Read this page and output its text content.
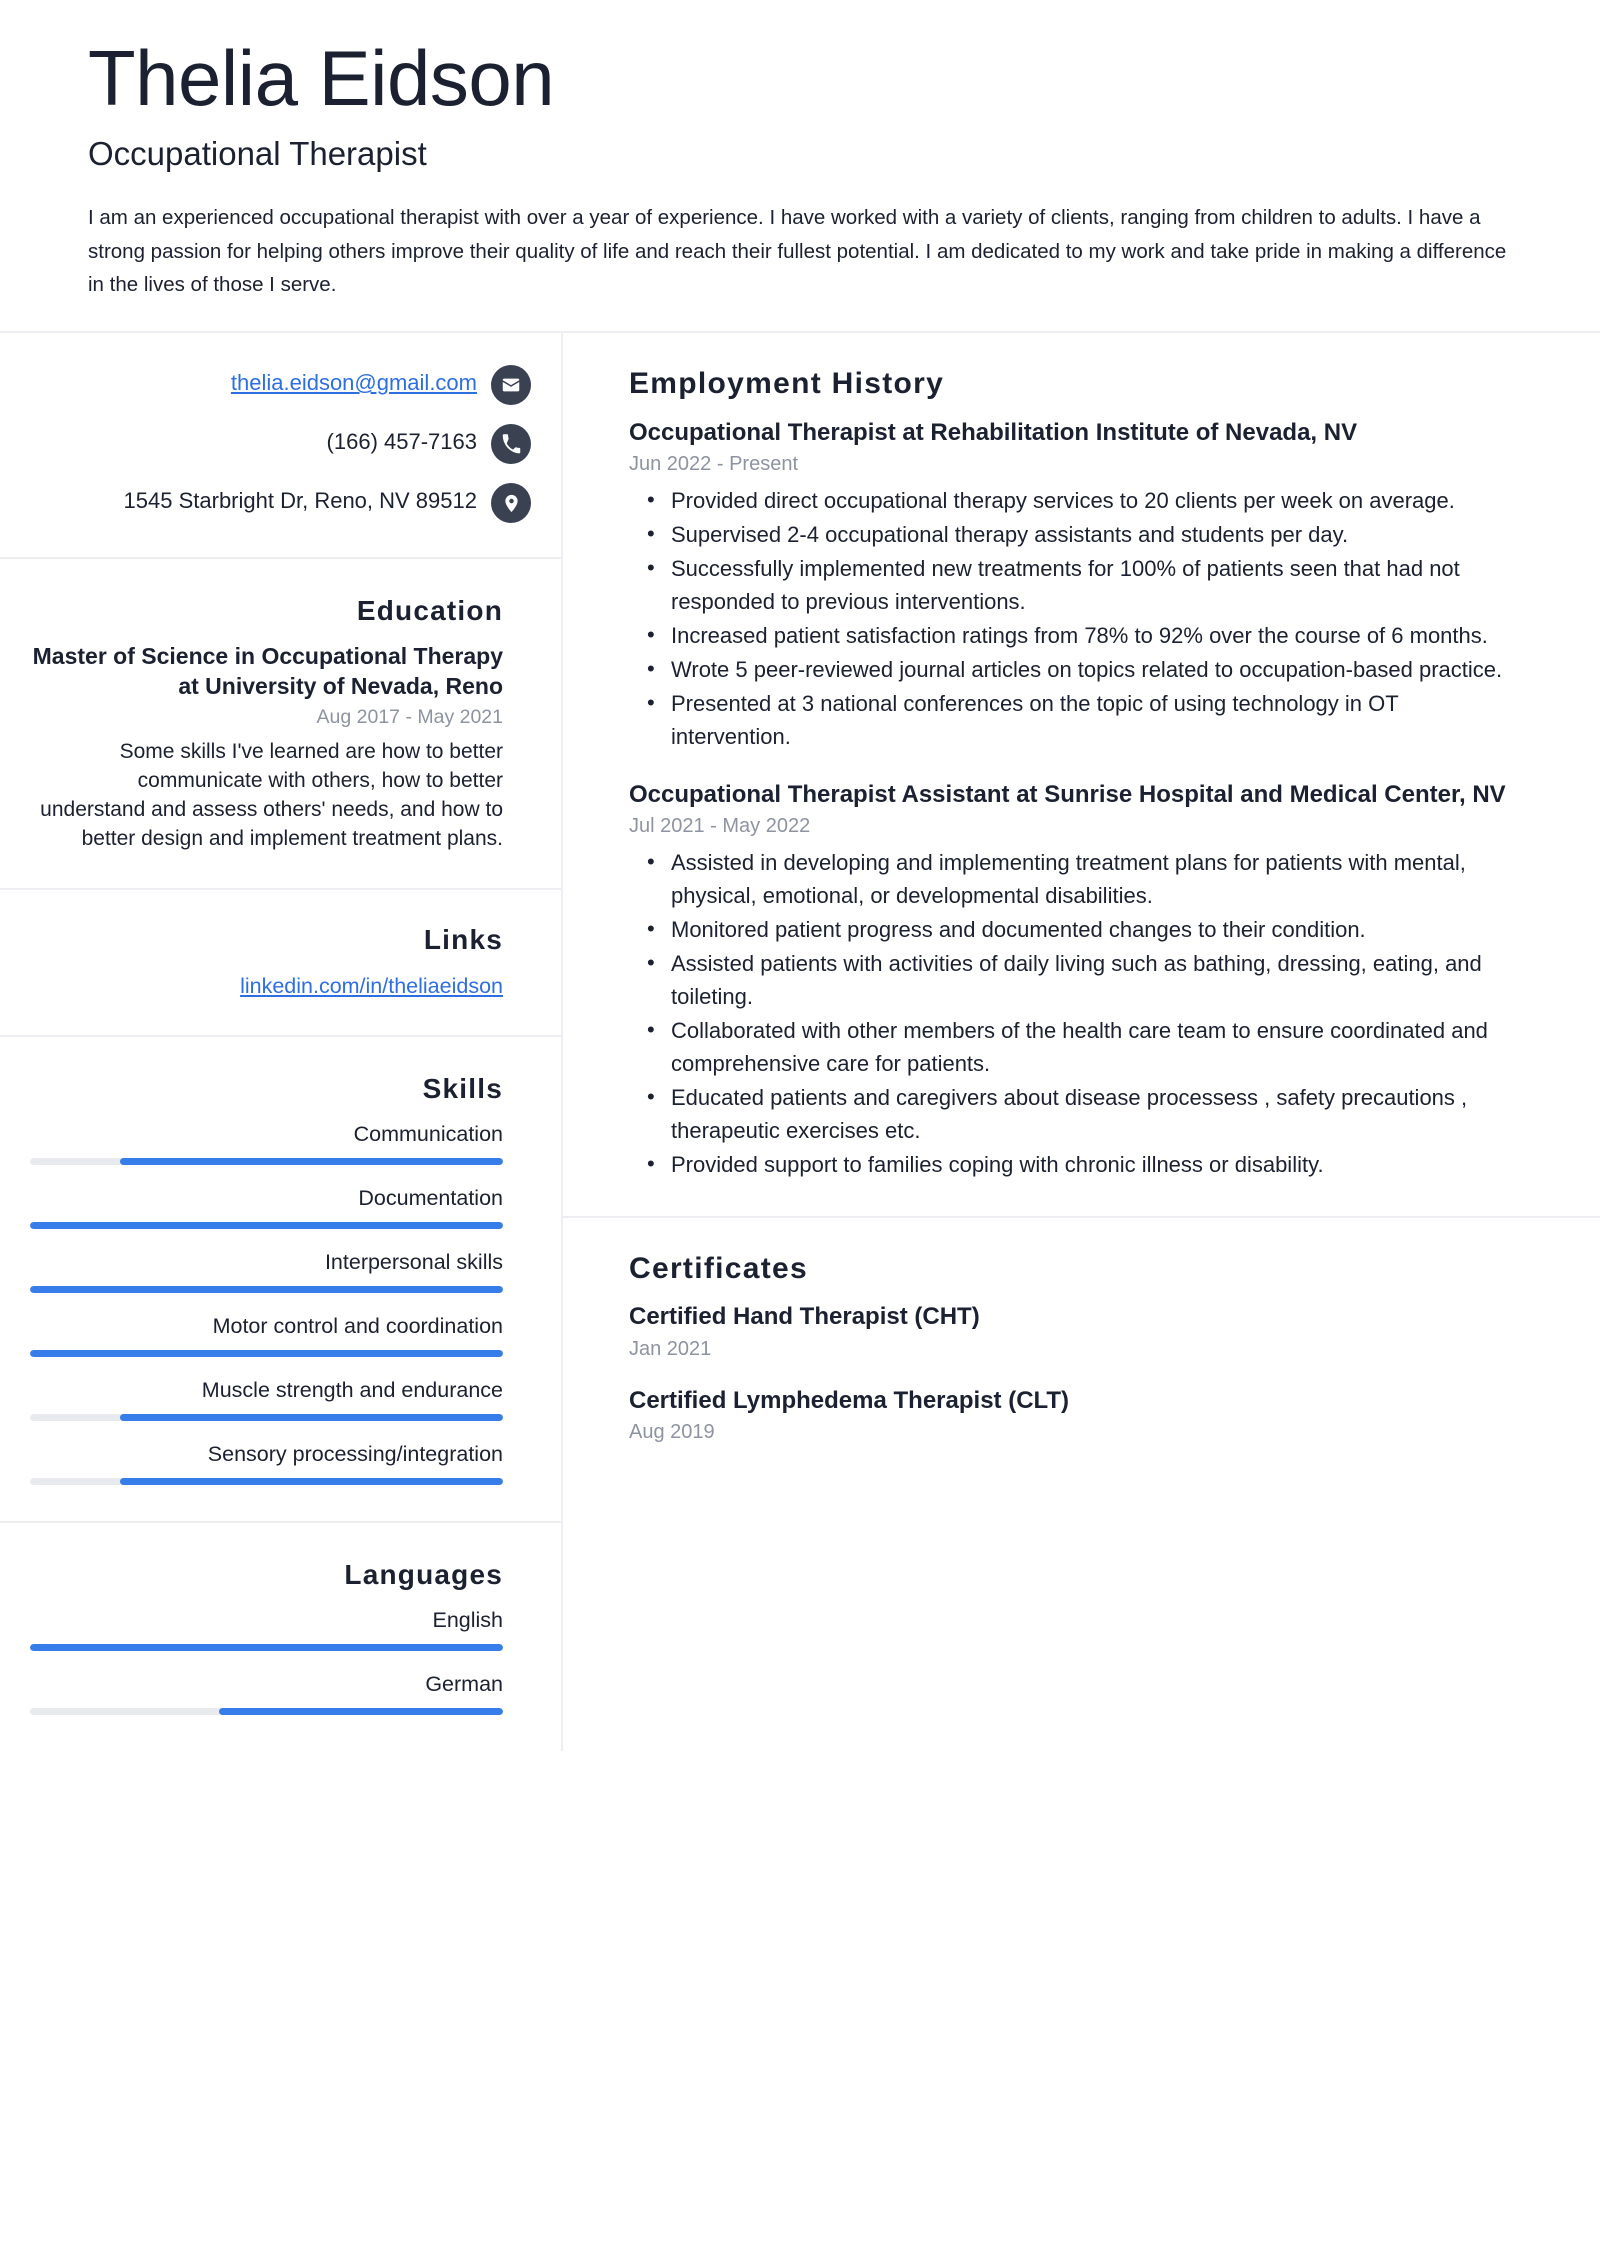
Thelia Eidson
Occupational Therapist

I am an experienced occupational therapist with over a year of experience. I have worked with a variety of clients, ranging from children to adults. I have a strong passion for helping others improve their quality of life and reach their fullest potential. I am dedicated to my work and take pride in making a difference in the lives of those I serve.

thelia.eidson@gmail.com
(166) 457-7163
1545 Starbright Dr, Reno, NV 89512
Education
Master of Science in Occupational Therapy at University of Nevada, Reno
Aug 2017 - May 2021
Some skills I've learned are how to better communicate with others, how to better understand and assess others' needs, and how to better design and implement treatment plans.
Links
linkedin.com/in/theliaeidson
Skills
Communication
Documentation
Interpersonal skills
Motor control and coordination
Muscle strength and endurance
Sensory processing/integration
Languages
English
German
Employment History
Occupational Therapist at Rehabilitation Institute of Nevada, NV
Jun 2022 - Present
• Provided direct occupational therapy services to 20 clients per week on average.
• Supervised 2-4 occupational therapy assistants and students per day.
• Successfully implemented new treatments for 100% of patients seen that had not responded to previous interventions.
• Increased patient satisfaction ratings from 78% to 92% over the course of 6 months.
• Wrote 5 peer-reviewed journal articles on topics related to occupation-based practice.
• Presented at 3 national conferences on the topic of using technology in OT intervention.
Occupational Therapist Assistant at Sunrise Hospital and Medical Center, NV
Jul 2021 - May 2022
• Assisted in developing and implementing treatment plans for patients with mental, physical, emotional, or developmental disabilities.
• Monitored patient progress and documented changes to their condition.
• Assisted patients with activities of daily living such as bathing, dressing, eating, and toileting.
• Collaborated with other members of the health care team to ensure coordinated and comprehensive care for patients.
• Educated patients and caregivers about disease processess , safety precautions , therapeutic exercises etc.
• Provided support to families coping with chronic illness or disability.
Certificates
Certified Hand Therapist (CHT)
Jan 2021
Certified Lymphedema Therapist (CLT)
Aug 2019
